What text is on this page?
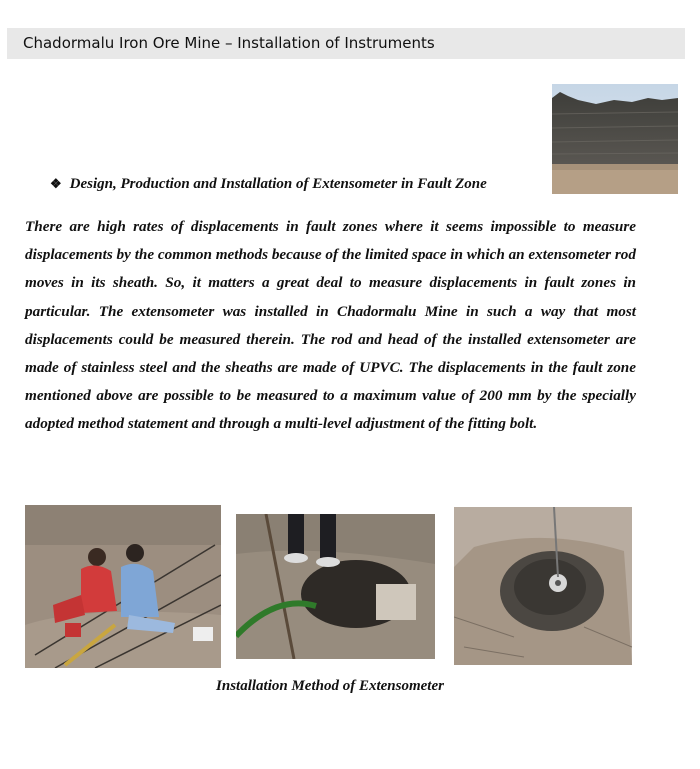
Chadormalu Iron Ore Mine – Installation of Instruments
❖ Design, Production and Installation of Extensometer in Fault Zone
There are high rates of displacements in fault zones where it seems impossible to measure displacements by the common methods because of the limited space in which an extensometer rod moves in its sheath. So, it matters a great deal to measure displacements in fault zones in particular. The extensometer was installed in Chadormalu Mine in such a way that most displacements could be measured therein. The rod and head of the installed extensometer are made of stainless steel and the sheaths are made of UPVC. The displacements in the fault zone mentioned above are possible to be measured to a maximum value of 200 mm by the specially adopted method statement and through a multi-level adjustment of the fitting bolt.
Installation Method of Extensometer
